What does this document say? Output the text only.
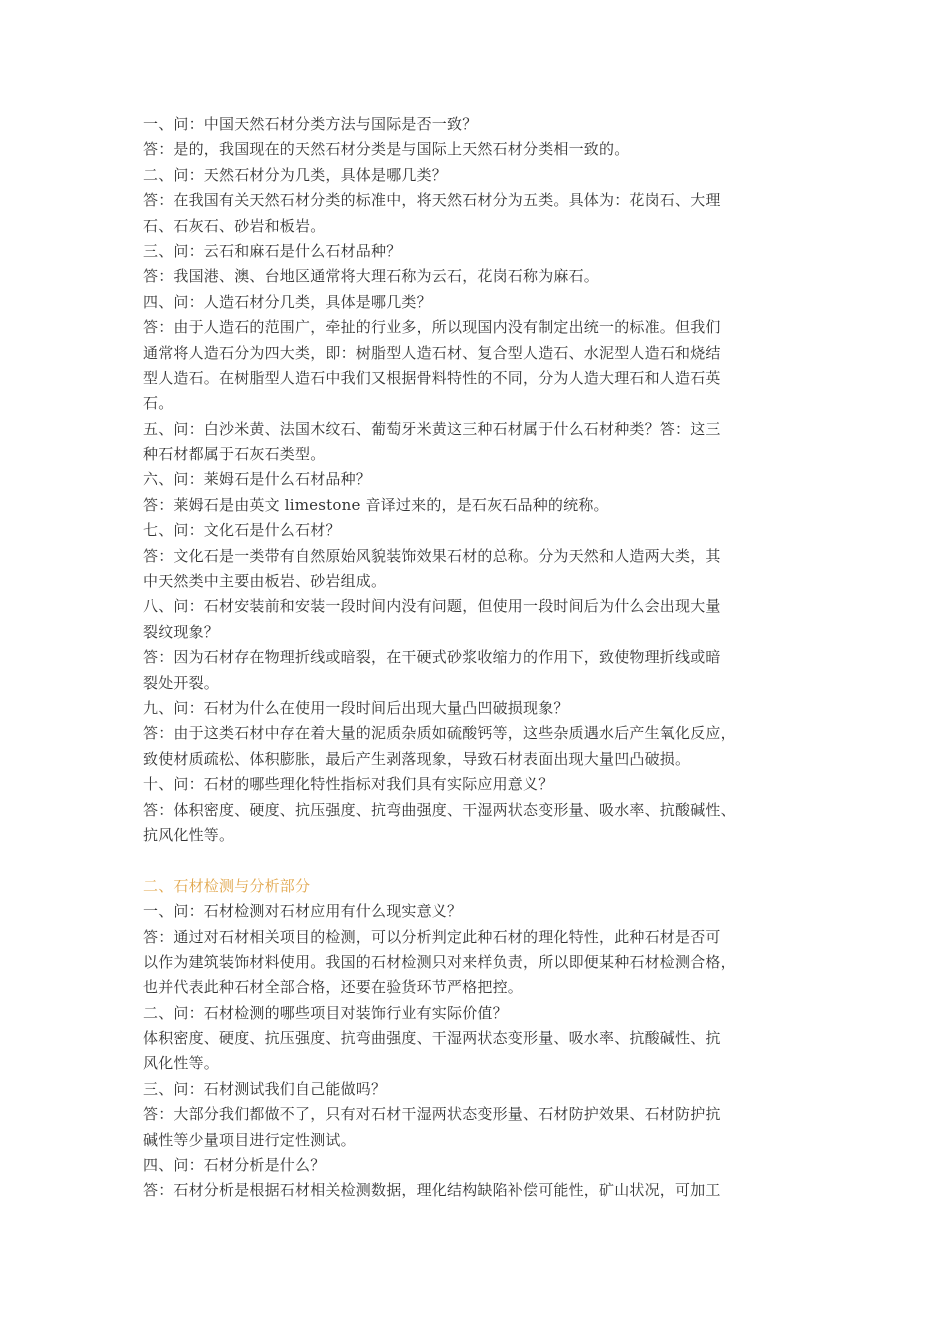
一、问：中国天然石材分类方法与国际是否一致？
答：是的，我国现在的天然石材分类是与国际上天然石材分类相一致的。
二、问：天然石材分为几类，具体是哪几类？
答：在我国有关天然石材分类的标准中，将天然石材分为五类。具体为：花岗石、大理
石、石灰石、砂岩和板岩。
三、问：云石和麻石是什么石材品种？
答：我国港、澳、台地区通常将大理石称为云石，花岗石称为麻石。
四、问：人造石材分几类，具体是哪几类？
答：由于人造石的范围广，牵扯的行业多，所以现国内没有制定出统一的标准。但我们
通常将人造石分为四大类，即：树脂型人造石材、复合型人造石、水泥型人造石和烧结
型人造石。在树脂型人造石中我们又根据骨料特性的不同，分为人造大理石和人造石英
石。
五、问：白沙米黄、法国木纹石、葡萄牙米黄这三种石材属于什么石材种类？答：这三
种石材都属于石灰石类型。
六、问：莱姆石是什么石材品种？
答：莱姆石是由英文 limestone 音译过来的，是石灰石品种的统称。
七、问：文化石是什么石材？
答：文化石是一类带有自然原始风貌装饰效果石材的总称。分为天然和人造两大类，其
中天然类中主要由板岩、砂岩组成。
八、问：石材安装前和安装一段时间内没有问题，但使用一段时间后为什么会出现大量
裂纹现象？
答：因为石材存在物理折线或暗裂，在干硬式砂浆收缩力的作用下，致使物理折线或暗
裂处开裂。
九、问：石材为什么在使用一段时间后出现大量凸凹破损现象？
答：由于这类石材中存在着大量的泥质杂质如硫酸钙等，这些杂质遇水后产生氧化反应，
致使材质疏松、体积膨胀，最后产生剥落现象，导致石材表面出现大量凹凸破损。
十、问：石材的哪些理化特性指标对我们具有实际应用意义？
答：体积密度、硬度、抗压强度、抗弯曲强度、干湿两状态变形量、吸水率、抗酸碱性、
抗风化性等。
二、石材检测与分析部分
一、问：石材检测对石材应用有什么现实意义？
答：通过对石材相关项目的检测，可以分析判定此种石材的理化特性，此种石材是否可
以作为建筑装饰材料使用。我国的石材检测只对来样负责，所以即便某种石材检测合格，
也并代表此种石材全部合格，还要在验货环节严格把控。
二、问：石材检测的哪些项目对装饰行业有实际价值？
体积密度、硬度、抗压强度、抗弯曲强度、干湿两状态变形量、吸水率、抗酸碱性、抗
风化性等。
三、问：石材测试我们自己能做吗？
答：大部分我们都做不了，只有对石材干湿两状态变形量、石材防护效果、石材防护抗
碱性等少量项目进行定性测试。
四、问：石材分析是什么？
答：石材分析是根据石材相关检测数据，理化结构缺陷补偿可能性，矿山状况，可加工
